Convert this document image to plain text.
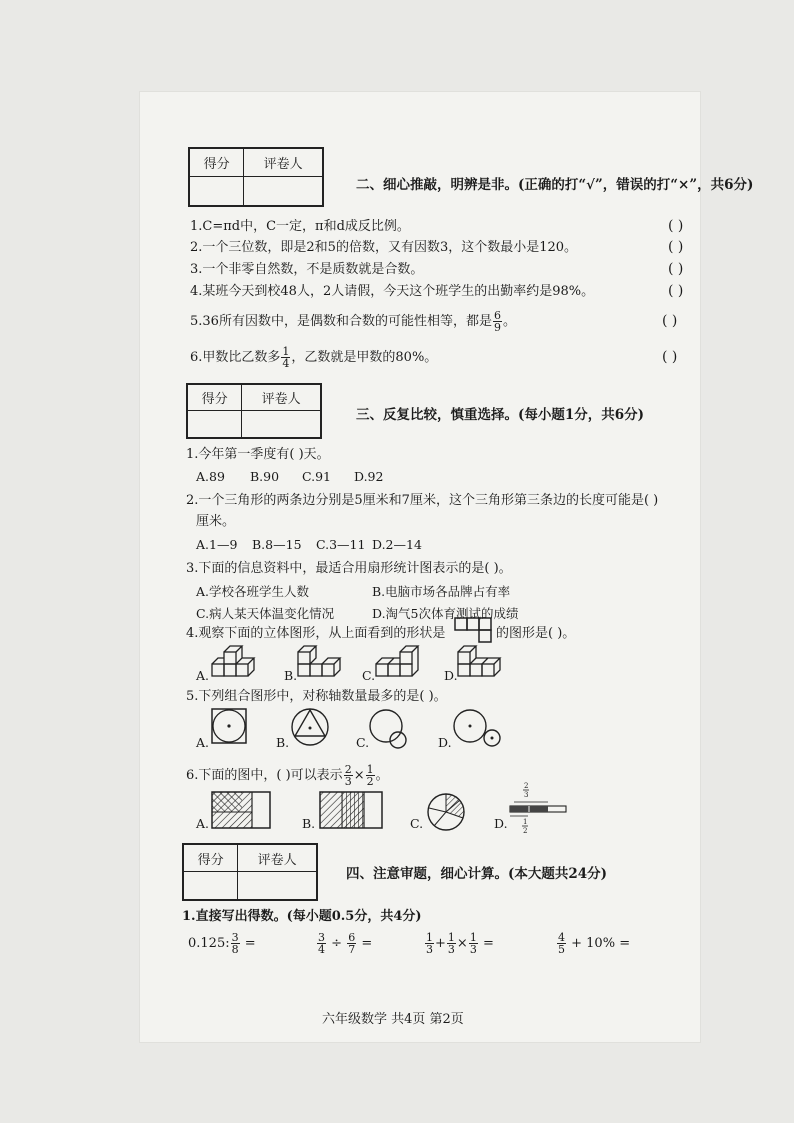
得分	评卷人

二、细心推敲，明辨是非。(正确的打“√”，错误的打“×”，共6分)
1.C=πd中，C一定，π和d成反比例。	( )
2.一个三位数，即是2和5的倍数，又有因数3，这个数最小是120。	( )
3.一个非零自然数，不是质数就是合数。	( )
4.某班今天到校48人，2人请假，今天这个班学生的出勤率约是98%。	( )
5.36所有因数中，是偶数和合数的可能性相等，都是 $\frac{6}{9}$ 。	( )
6.甲数比乙数多 $\frac{1}{4}$ ，乙数就是甲数的80%。	( )
得分	评卷人

三、反复比较，慎重选择。(每小题1分，共6分)
1.今年第一季度有( )天。
A.89 B.90 C.91 D.92
2.一个三角形的两条边分别是5厘米和7厘米，这个三角形第三条边的长度可能是( )
厘米。
A.1—9 B.8—15 C.3—11 D.2—14
3.下面的信息资料中，最适合用扇形统计图表示的是( )。
A.学校各班学生人数	B.电脑市场各品牌占有率
C.病人某天体温变化情况	D.淘气5次体育测试的成绩
4.观察下面的立体图形，从上面看到的形状是	的图形是( )。
A.	B.	C.	D.
5.下列组合图形中，对称轴数量最多的是( )。
A.	B.	C.	D.
6.下面的图中，( )可以表示 $\frac{2}{3} \times \frac{1}{2}$ 。
A.	B.	C.	D.
2
3
1
2
得分	评卷人

四、注意审题，细心计算。(本大题共24分)
1.直接写出得数。(每小题0.5分，共4分)
0.125: $\frac{3}{8}$ =	$\frac{3}{4} \div \frac{6}{7}$ =	$\frac{1}{3} + \frac{1}{3} \times \frac{1}{3}$ =	$\frac{4}{5} + 10\%$ =
六年级数学 共4页 第2页
